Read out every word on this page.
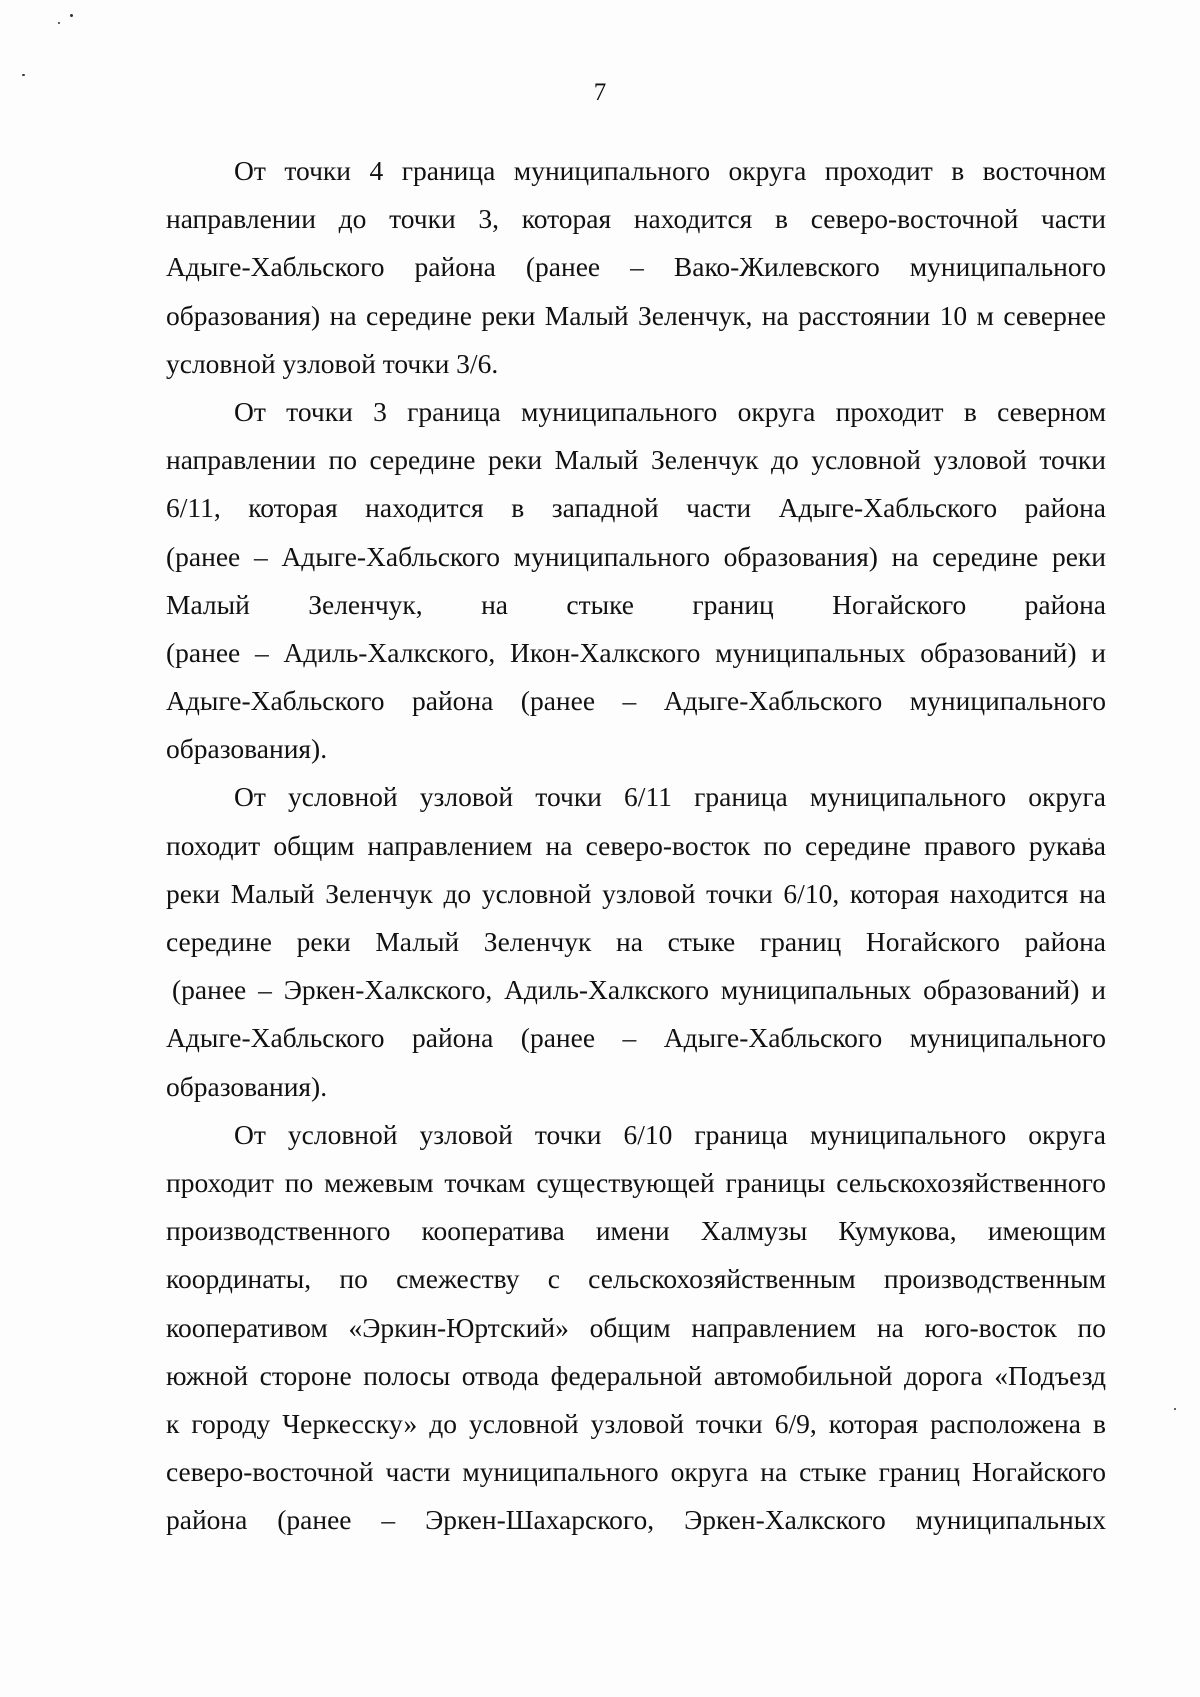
7
От точки 4 граница муниципального округа проходит в восточном
направлении до точки 3, которая находится в северо-восточной части
Адыге-Хабльского района (ранее – Вако-Жилевского муниципального
образования) на середине реки Малый Зеленчук, на расстоянии 10 м севернее
условной узловой точки 3/6.
От точки 3 граница муниципального округа проходит в северном
направлении по середине реки Малый Зеленчук до условной узловой точки
6/11, которая находится в западной части Адыге-Хабльского района
(ранее – Адыге-Хабльского муниципального образования) на середине реки
Малый Зеленчук, на стыке границ Ногайского района
(ранее – Адиль-Халкского, Икон-Халкского муниципальных образований) и
Адыге-Хабльского района (ранее – Адыге-Хабльского муниципального
образования).
От условной узловой точки 6/11 граница муниципального округа
походит общим направлением на северо-восток по середине правого рукава
реки Малый Зеленчук до условной узловой точки 6/10, которая находится на
середине реки Малый Зеленчук на стыке границ Ногайского района
(ранее – Эркен-Халкского, Адиль-Халкского муниципальных образований) и
Адыге-Хабльского района (ранее – Адыге-Хабльского муниципального
образования).
От условной узловой точки 6/10 граница муниципального округа
проходит по межевым точкам существующей границы сельскохозяйственного
производственного кооператива имени Халмузы Кумукова, имеющим
координаты, по смежеству с сельскохозяйственным производственным
кооперативом «Эркин-Юртский» общим направлением на юго-восток по
южной стороне полосы отвода федеральной автомобильной дорога «Подъезд
к городу Черкесску» до условной узловой точки 6/9, которая расположена в
северо-восточной части муниципального округа на стыке границ Ногайского
района (ранее – Эркен-Шахарского, Эркен-Халкского муниципальных
